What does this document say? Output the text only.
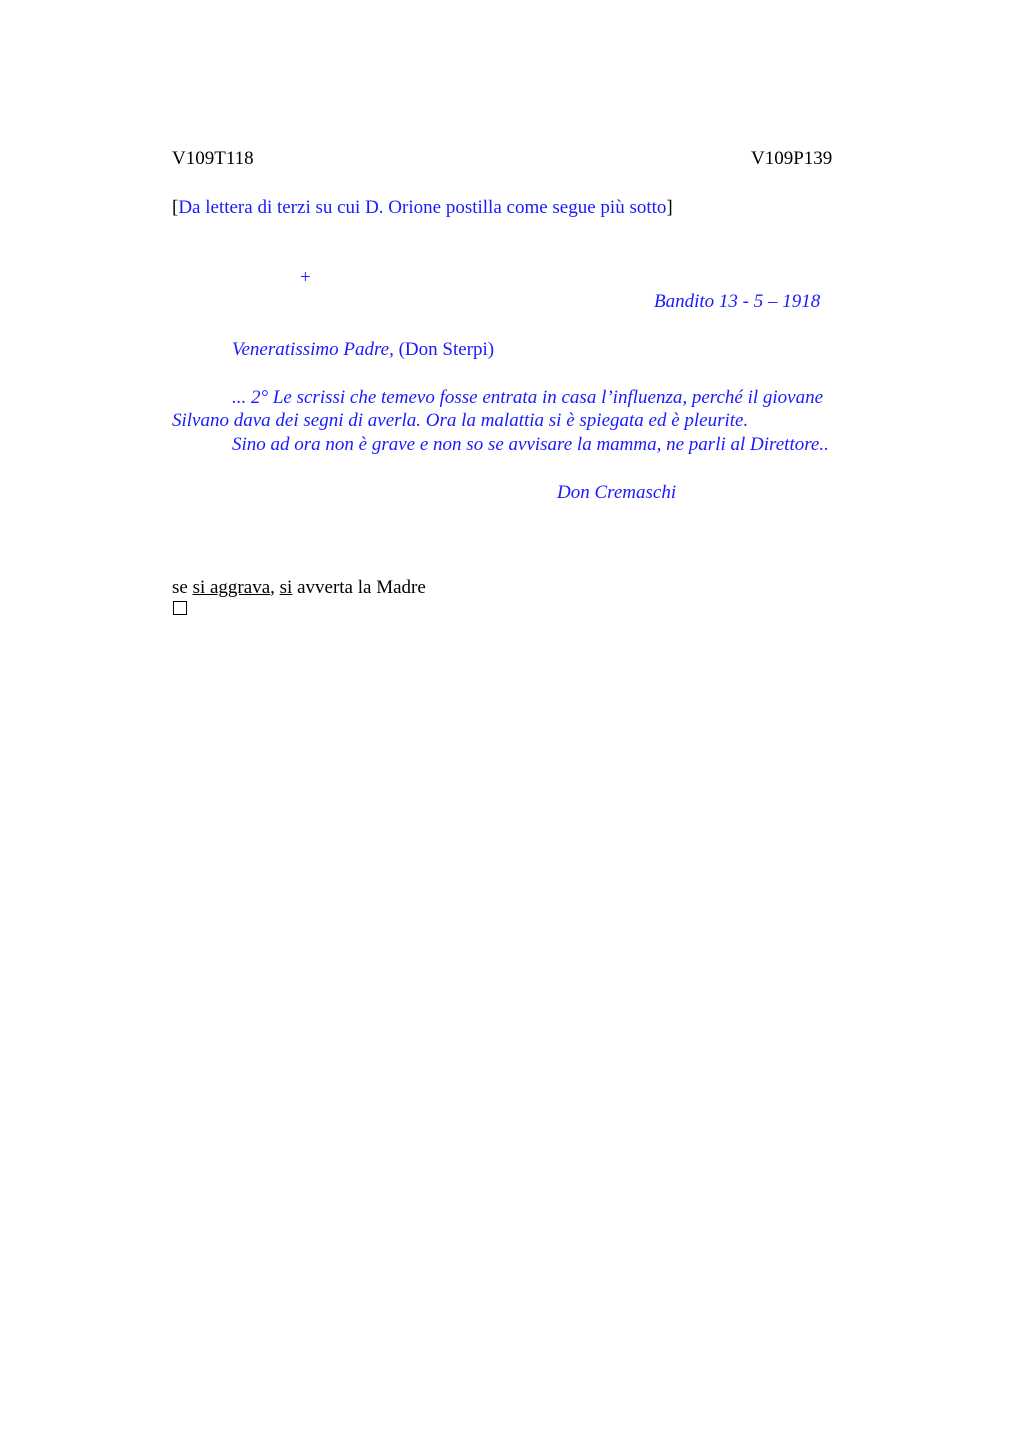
V109T118	V109P139
[Da lettera di terzi su cui D. Orione postilla come segue più sotto]
+
Bandito 13 - 5 – 1918
Veneratissimo Padre, (Don Sterpi)
... 2° Le scrissi che temevo fosse entrata in casa l’influenza, perché il giovane
Silvano dava dei segni di averla. Ora la malattia si è spiegata ed è pleurite.
Sino ad ora non è grave e non so se avvisare la mamma, ne parli al Direttore..
Don Cremaschi
se si aggrava, si avverta la Madre
